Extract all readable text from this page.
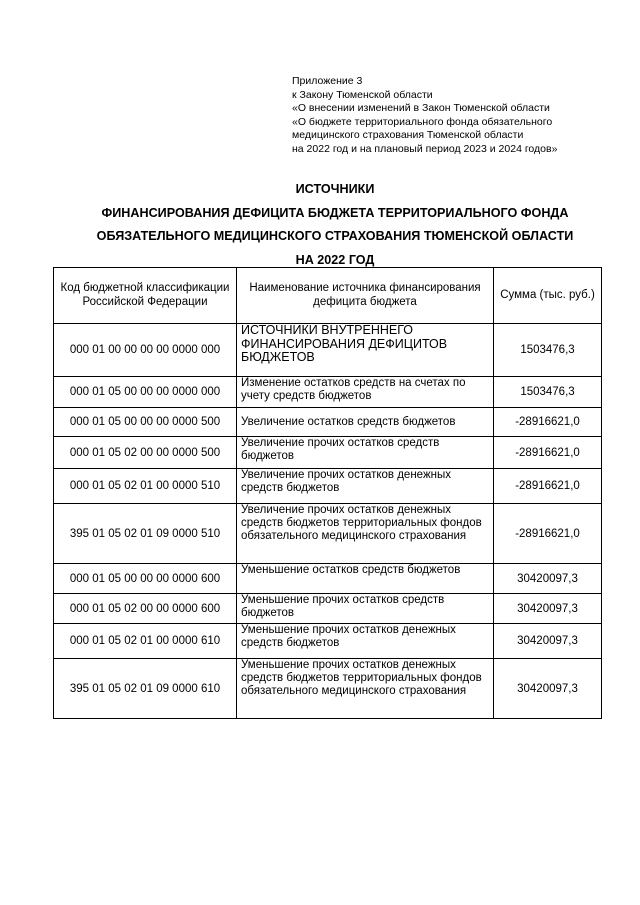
Приложение 3
к Закону Тюменской области
«О внесении изменений в Закон Тюменской области
«О бюджете территориального фонда обязательного
медицинского страхования Тюменской области
на 2022 год и на плановый период 2023 и 2024 годов»
ИСТОЧНИКИ
ФИНАНСИРОВАНИЯ ДЕФИЦИТА БЮДЖЕТА ТЕРРИТОРИАЛЬНОГО ФОНДА
ОБЯЗАТЕЛЬНОГО МЕДИЦИНСКОГО СТРАХОВАНИЯ ТЮМЕНСКОЙ ОБЛАСТИ
НА 2022 ГОД
Код бюджетной классификации Российской Федерации	Наименование источника финансирования дефицита бюджета	Сумма (тыс. руб.)
000 01 00 00 00 00 0000 000	ИСТОЧНИКИ ВНУТРЕННЕГО ФИНАНСИРОВАНИЯ ДЕФИЦИТОВ БЮДЖЕТОВ	1503476,3
000 01 05 00 00 00 0000 000	Изменение остатков средств на счетах по учету средств бюджетов	1503476,3
000 01 05 00 00 00 0000 500	Увеличение остатков средств бюджетов	-28916621,0
000 01 05 02 00 00 0000 500	Увеличение прочих остатков средств бюджетов	-28916621,0
000 01 05 02 01 00 0000 510	Увеличение прочих остатков денежных средств бюджетов	-28916621,0
395 01 05 02 01 09 0000 510	Увеличение прочих остатков денежных средств бюджетов территориальных фондов обязательного медицинского страхования	-28916621,0
000 01 05 00 00 00 0000 600	Уменьшение остатков средств бюджетов	30420097,3
000 01 05 02 00 00 0000 600	Уменьшение прочих остатков средств бюджетов	30420097,3
000 01 05 02 01 00 0000 610	Уменьшение прочих остатков денежных средств бюджетов	30420097,3
395 01 05 02 01 09 0000 610	Уменьшение прочих остатков денежных средств бюджетов территориальных фондов обязательного медицинского страхования	30420097,3
